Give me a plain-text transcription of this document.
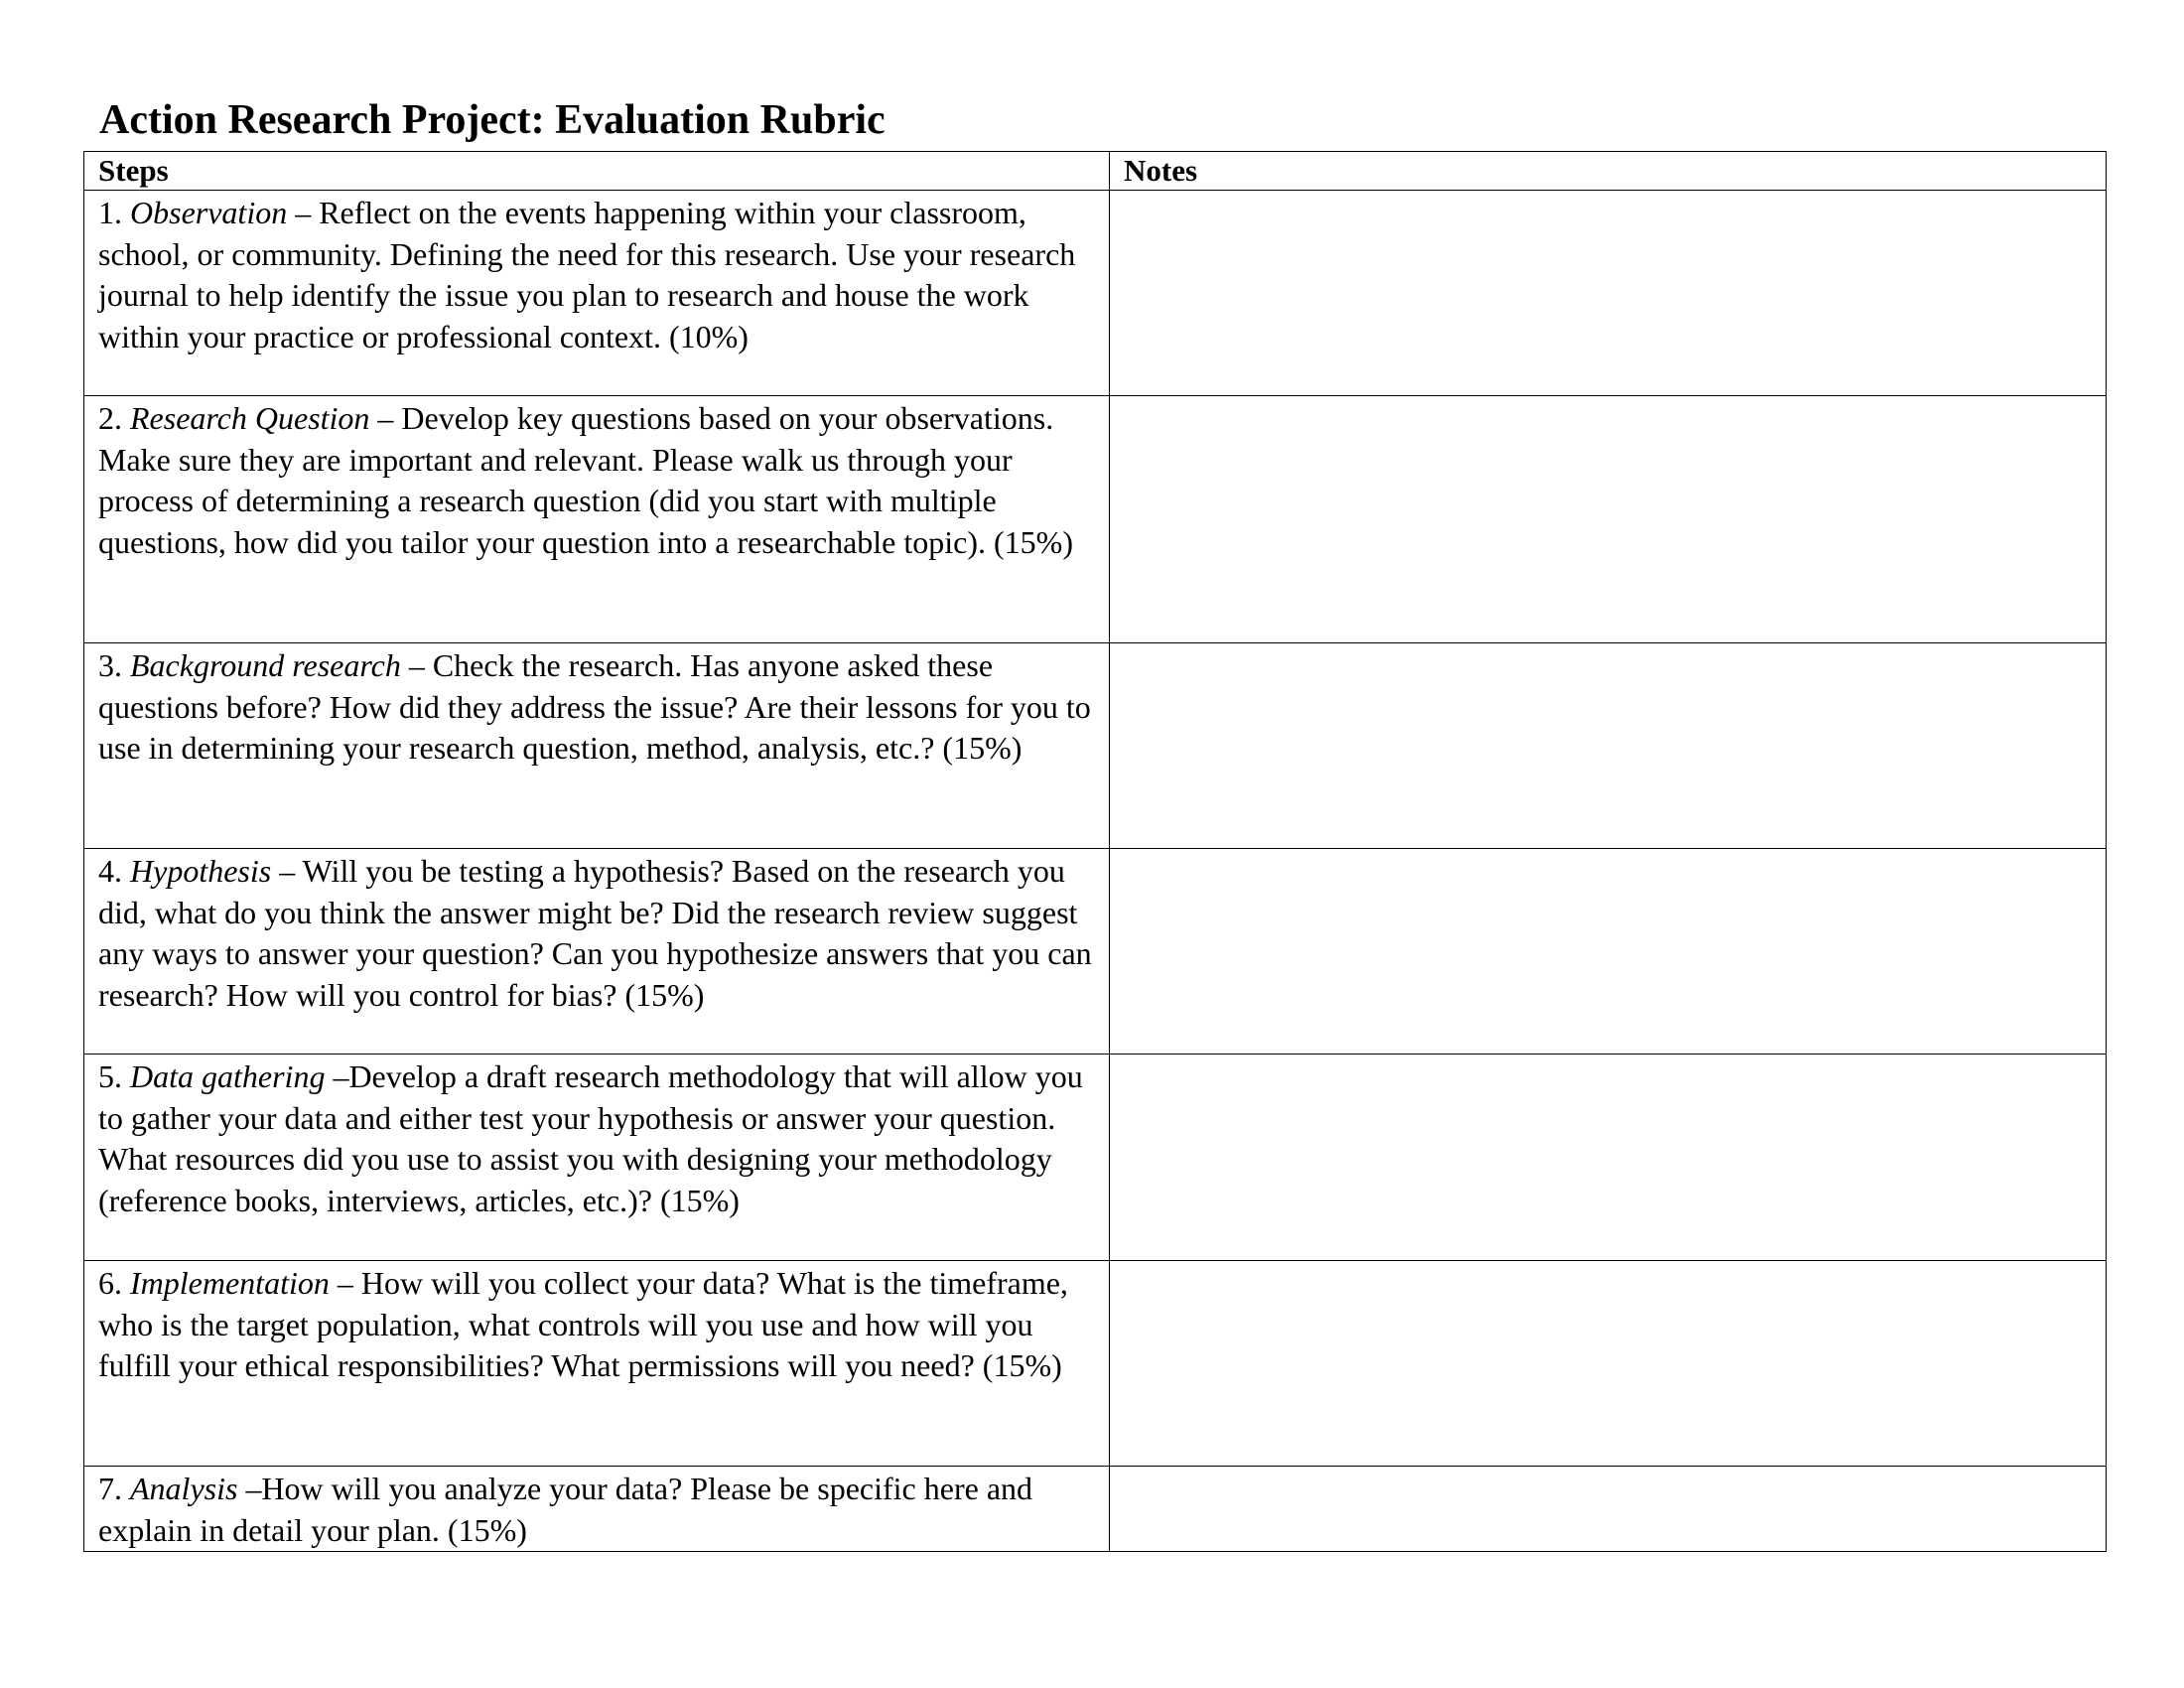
Action Research Project: Evaluation Rubric
Steps	Notes
1. Observation – Reflect on the events happening within your classroom, school, or community. Defining the need for this research. Use your research journal to help identify the issue you plan to research and house the work within your practice or professional context. (10%)	
2. Research Question – Develop key questions based on your observations. Make sure they are important and relevant. Please walk us through your process of determining a research question (did you start with multiple questions, how did you tailor your question into a researchable topic). (15%)	
3. Background research – Check the research. Has anyone asked these questions before? How did they address the issue? Are their lessons for you to use in determining your research question, method, analysis, etc.? (15%)	
4. Hypothesis – Will you be testing a hypothesis? Based on the research you did, what do you think the answer might be? Did the research review suggest any ways to answer your question? Can you hypothesize answers that you can research? How will you control for bias? (15%)	
5. Data gathering –Develop a draft research methodology that will allow you to gather your data and either test your hypothesis or answer your question. What resources did you use to assist you with designing your methodology (reference books, interviews, articles, etc.)? (15%)	
6. Implementation – How will you collect your data? What is the timeframe, who is the target population, what controls will you use and how will you fulfill your ethical responsibilities? What permissions will you need? (15%)	
7. Analysis –How will you analyze your data? Please be specific here and explain in detail your plan. (15%)	
